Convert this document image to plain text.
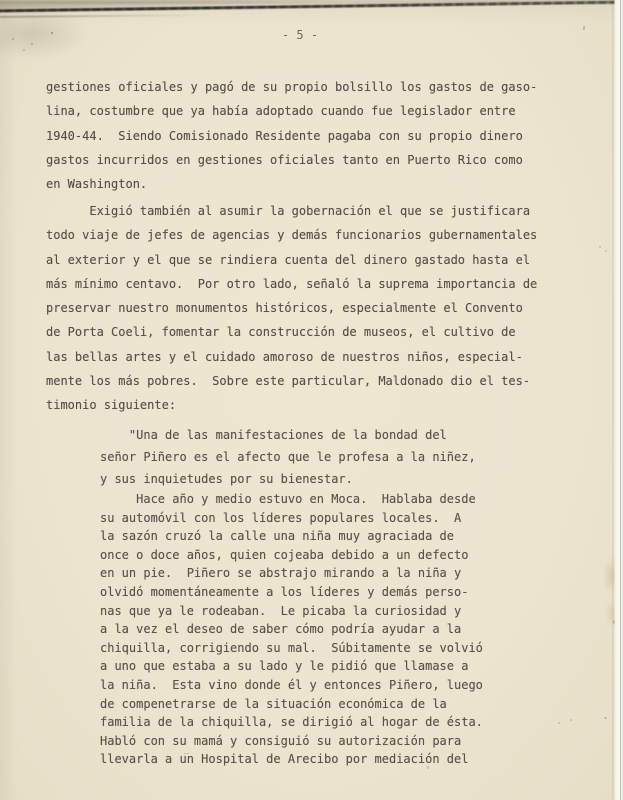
- 5 -
gestiones oficiales y pagó de su propio bolsillo los gastos de gaso-
lina, costumbre que ya había adoptado cuando fue legislador entre
1940-44.  Siendo Comisionado Residente pagaba con su propio dinero
gastos incurridos en gestiones oficiales tanto en Puerto Rico como
en Washington.
Exigió también al asumir la gobernación el que se justificara
todo viaje de jefes de agencias y demás funcionarios gubernamentales
al exterior y el que se rindiera cuenta del dinero gastado hasta el
más mínimo centavo.  Por otro lado, señaló la suprema importancia de
preservar nuestro monumentos históricos, especialmente el Convento
de Porta Coeli, fomentar la construcción de museos, el cultivo de
las bellas artes y el cuidado amoroso de nuestros niños, especial-
mente los más pobres.  Sobre este particular, Maldonado dio el tes-
timonio siguiente:
"Una de las manifestaciones de la bondad del
señor Piñero es el afecto que le profesa a la niñez,
y sus inquietudes por su bienestar.
Hace año y medio estuvo en Moca.  Hablaba desde
su automóvil con los líderes populares locales.  A
la sazón cruzó la calle una niña muy agraciada de
once o doce años, quien cojeaba debido a un defecto
en un pie.  Piñero se abstrajo mirando a la niña y
olvidó momentáneamente a los líderes y demás perso-
nas que ya le rodeaban.  Le picaba la curiosidad y
a la vez el deseo de saber cómo podría ayudar a la
chiquilla, corrigiendo su mal.  Súbitamente se volvió
a uno que estaba a su lado y le pidió que llamase a
la niña.  Esta vino donde él y entonces Piñero, luego
de compenetrarse de la situación económica de la
familia de la chiquilla, se dirigió al hogar de ésta.
Habló con su mamá y consiguió su autorización para
llevarla a un Hospital de Arecibo por mediación del
